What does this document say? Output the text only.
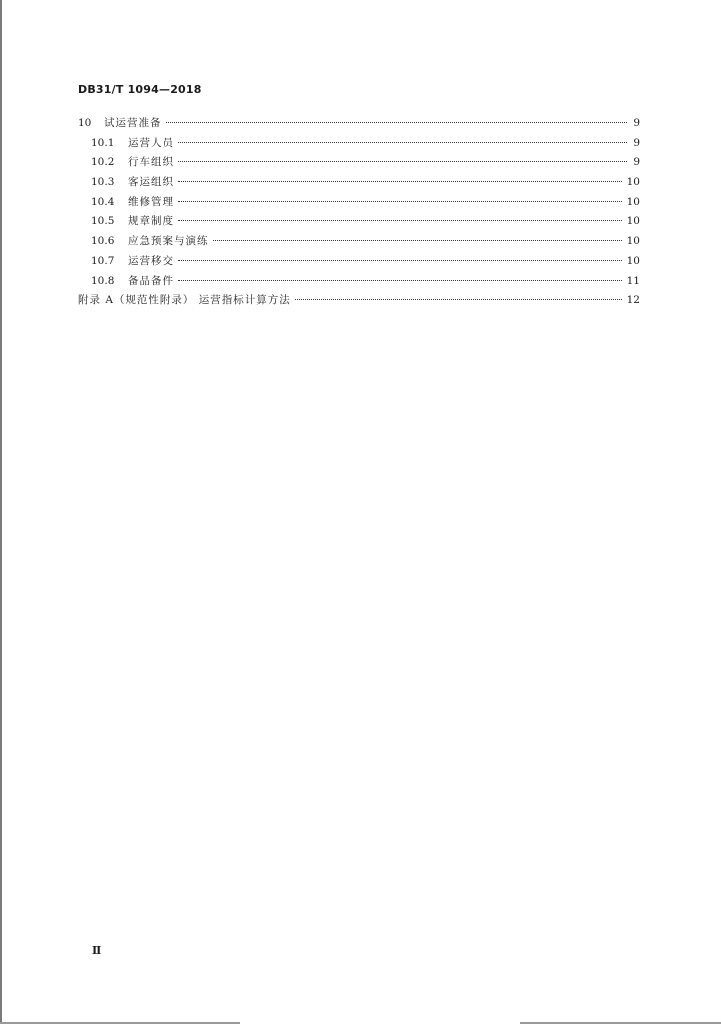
DB31/T 1094—2018
10	试运营准备	9
10.1	运营人员	9
10.2	行车组织	9
10.3	客运组织	10
10.4	维修管理	10
10.5	规章制度	10
10.6	应急预案与演练	10
10.7	运营移交	10
10.8	备品备件	11
附录 A（规范性附录） 运营指标计算方法	12
Ⅱ
